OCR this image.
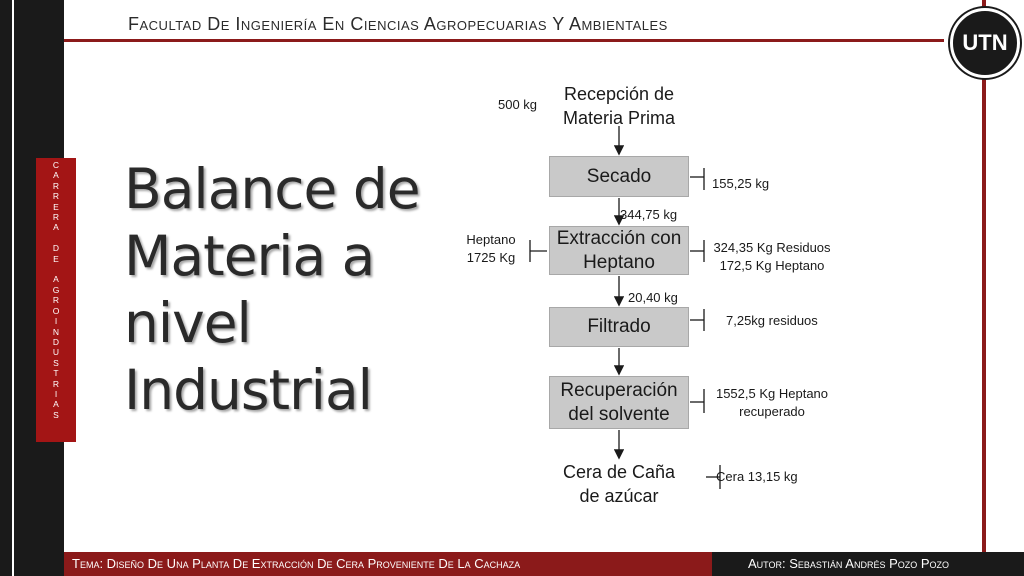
Facultad De Ingeniería En Ciencias Agropecuarias Y Ambientales
UTN
C
A
R
R
E
R
A

D
E

A
G
R
O
I
N
D
U
S
T
R
I
A
S
Balance de
Materia a
nivel
Industrial
500 kg
Recepción de
Materia Prima
Secado	155,25 kg
344,75 kg
Extracción con
Heptano
Heptano
1725 Kg
324,35 Kg Residuos
172,5 Kg Heptano
20,40 kg
Filtrado	7,25kg residuos
Recuperación
del solvente
1552,5 Kg Heptano
recuperado
Cera de Caña
de azúcar
Cera 13,15 kg
Tema: Diseño De Una Planta De Extracción De Cera Proveniente De La Cachaza	Autor: Sebastián Andrés Pozo Pozo
